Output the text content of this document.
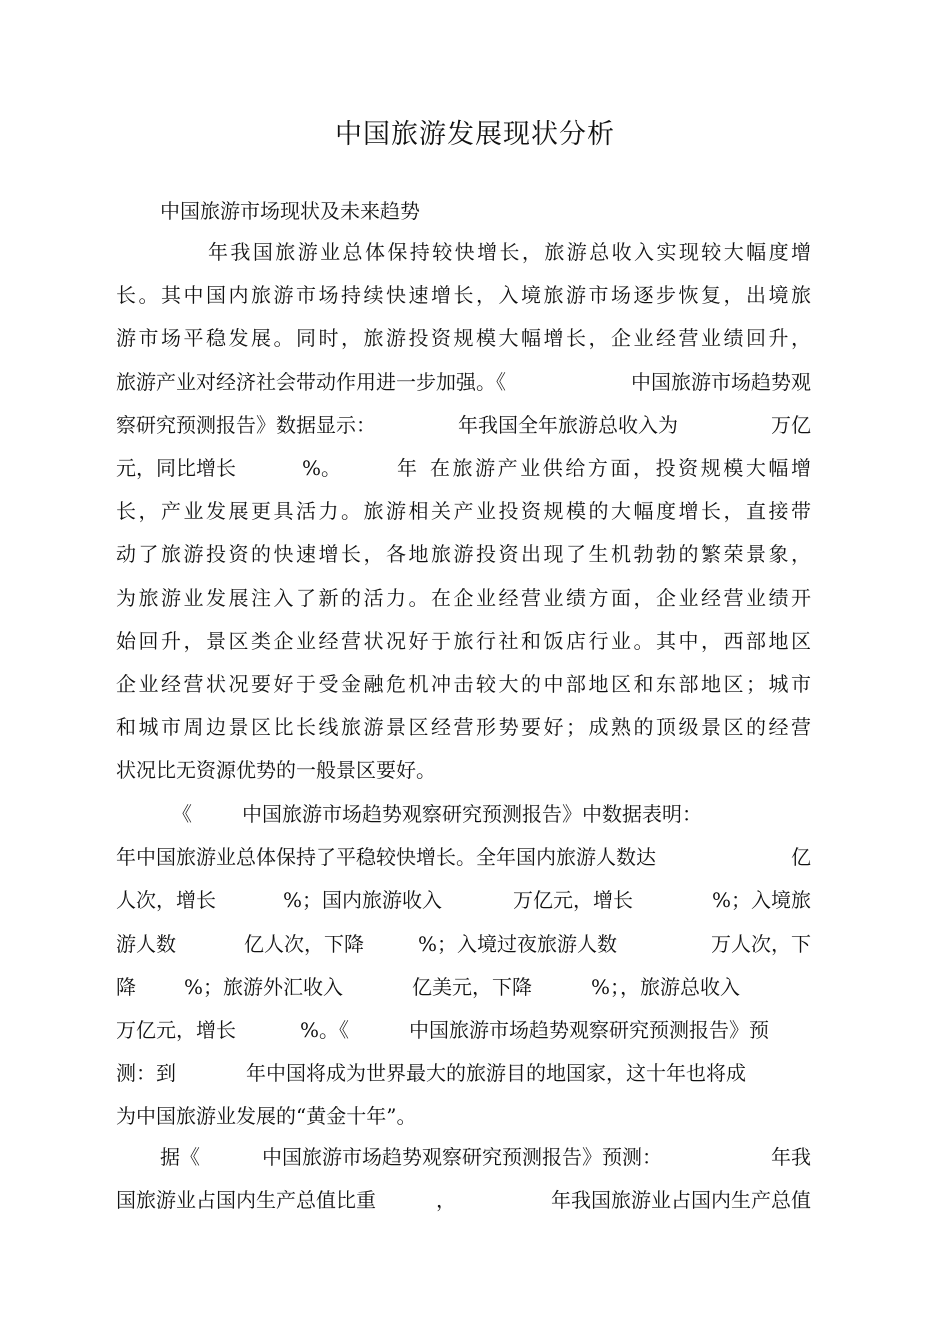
中国旅游发展现状分析
中国旅游市场现状及未来趋势
年我国旅游业总体保持较快增长，旅游总收入实现较大幅度增
长。其中国内旅游市场持续快速增长，入境旅游市场逐步恢复，出境旅
游市场平稳发展。同时，旅游投资规模大幅增长，企业经营业绩回升，
旅游产业对经济社会带动作用进一步加强。《	中国旅游市场趋势观
察研究预测报告》数据显示：	年我国全年旅游总收入为	万亿
元，同比增长	%。	年 在旅游产业供给方面，投资规模大幅增
长，产业发展更具活力。旅游相关产业投资规模的大幅度增长，直接带
动了旅游投资的快速增长，各地旅游投资出现了生机勃勃的繁荣景象，
为旅游业发展注入了新的活力。在企业经营业绩方面，企业经营业绩开
始回升，景区类企业经营状况好于旅行社和饭店行业。其中，西部地区
企业经营状况要好于受金融危机冲击较大的中部地区和东部地区；城市
和城市周边景区比长线旅游景区经营形势要好；成熟的顶级景区的经营
状况比无资源优势的一般景区要好。
《	中国旅游市场趋势观察研究预测报告》中数据表明：
年中国旅游业总体保持了平稳较快增长。全年国内旅游人数达	亿
人次，增长	%；国内旅游收入	万亿元，增长	%；入境旅
游人数	亿人次，下降	%；入境过夜旅游人数	万人次，下
降 %；旅游外汇收入	亿美元，下降	%；，旅游总收入
万亿元，增长	%。《	中国旅游市场趋势观察研究预测报告》预
测：到	年中国将成为世界最大的旅游目的地国家，这十年也将成
为中国旅游业发展的“黄金十年”。
据《	中国旅游市场趋势观察研究预测报告》预测：	年我
国旅游业占国内生产总值比重	，	年我国旅游业占国内生产总值
